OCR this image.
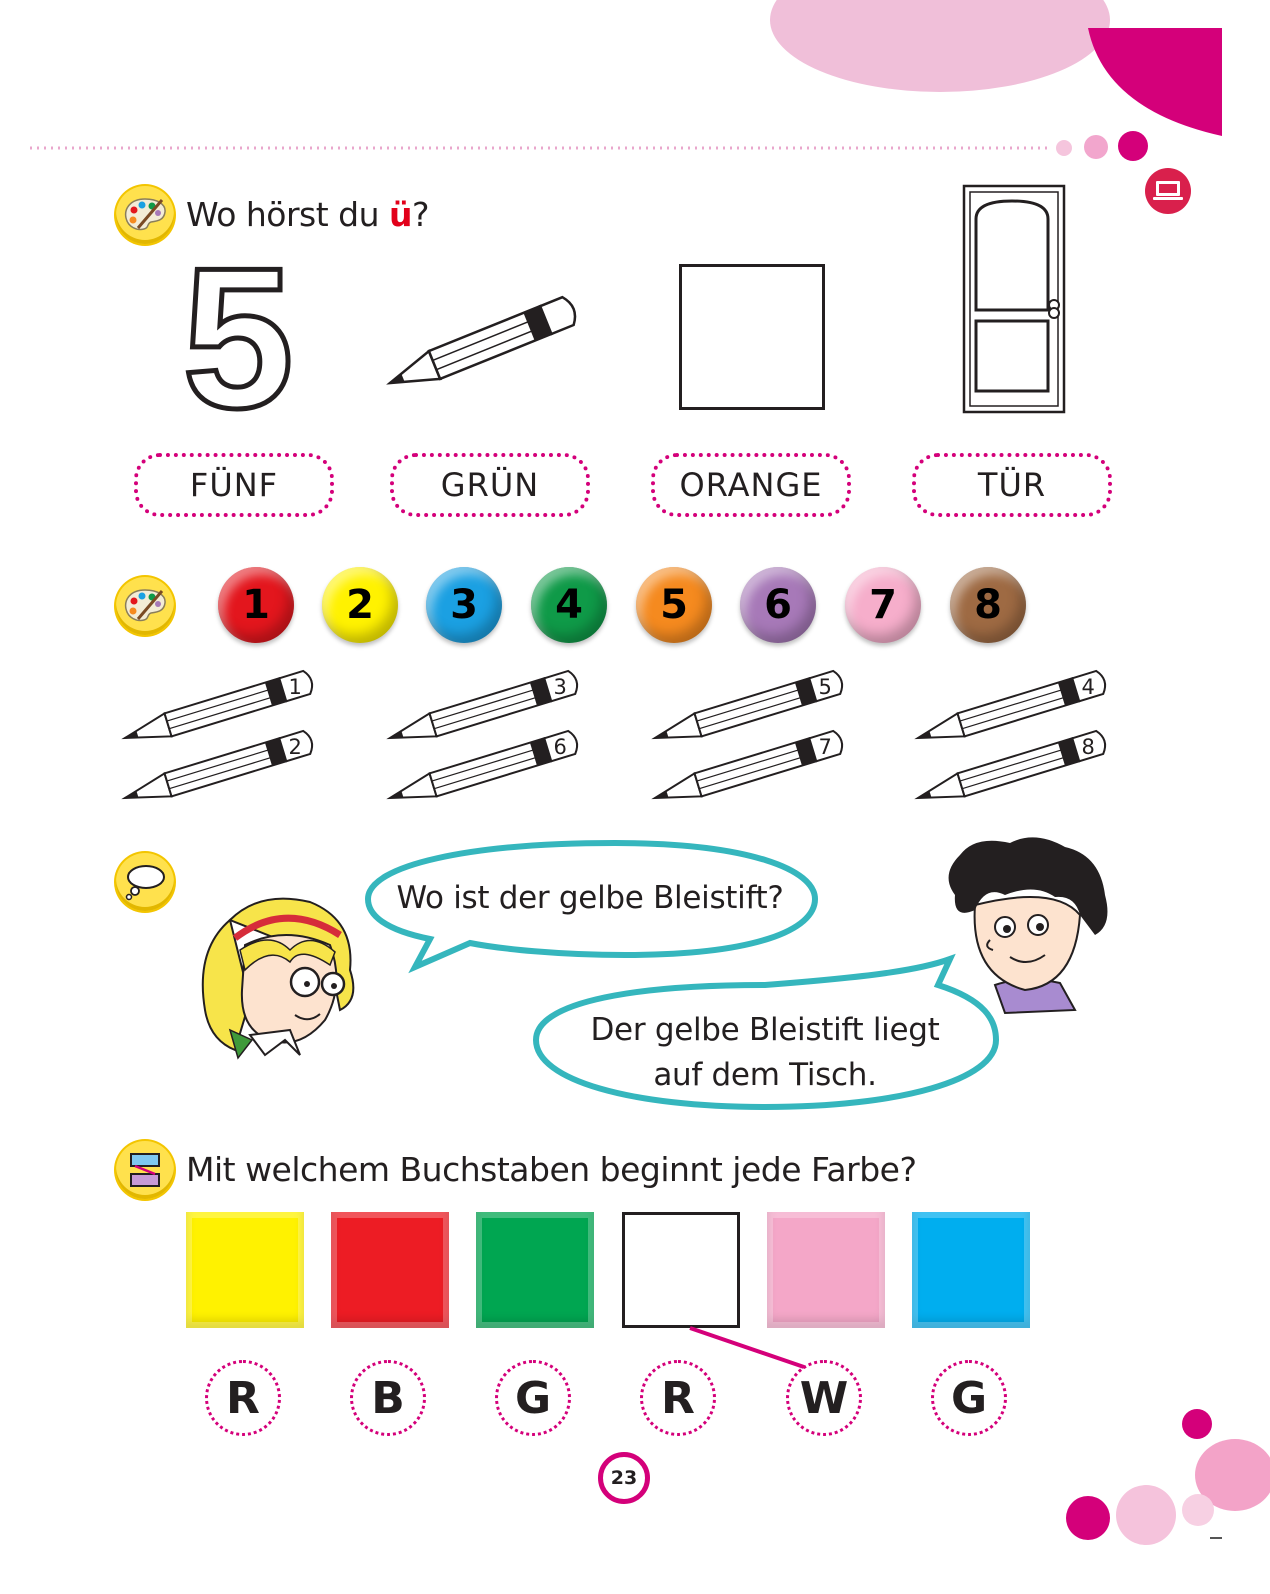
Wo hörst du ü?
5
FÜNF	GRÜN	ORANGE	TÜR
1	2	3	4	5	6	7	8
1
2
3
6
5
7
4
8
Wo ist der gelbe Bleistift?
Der gelbe Bleistift liegt
auf dem Tisch.
Mit welchem Buchstaben beginnt jede Farbe?
R	B	G	R	W	G
23
